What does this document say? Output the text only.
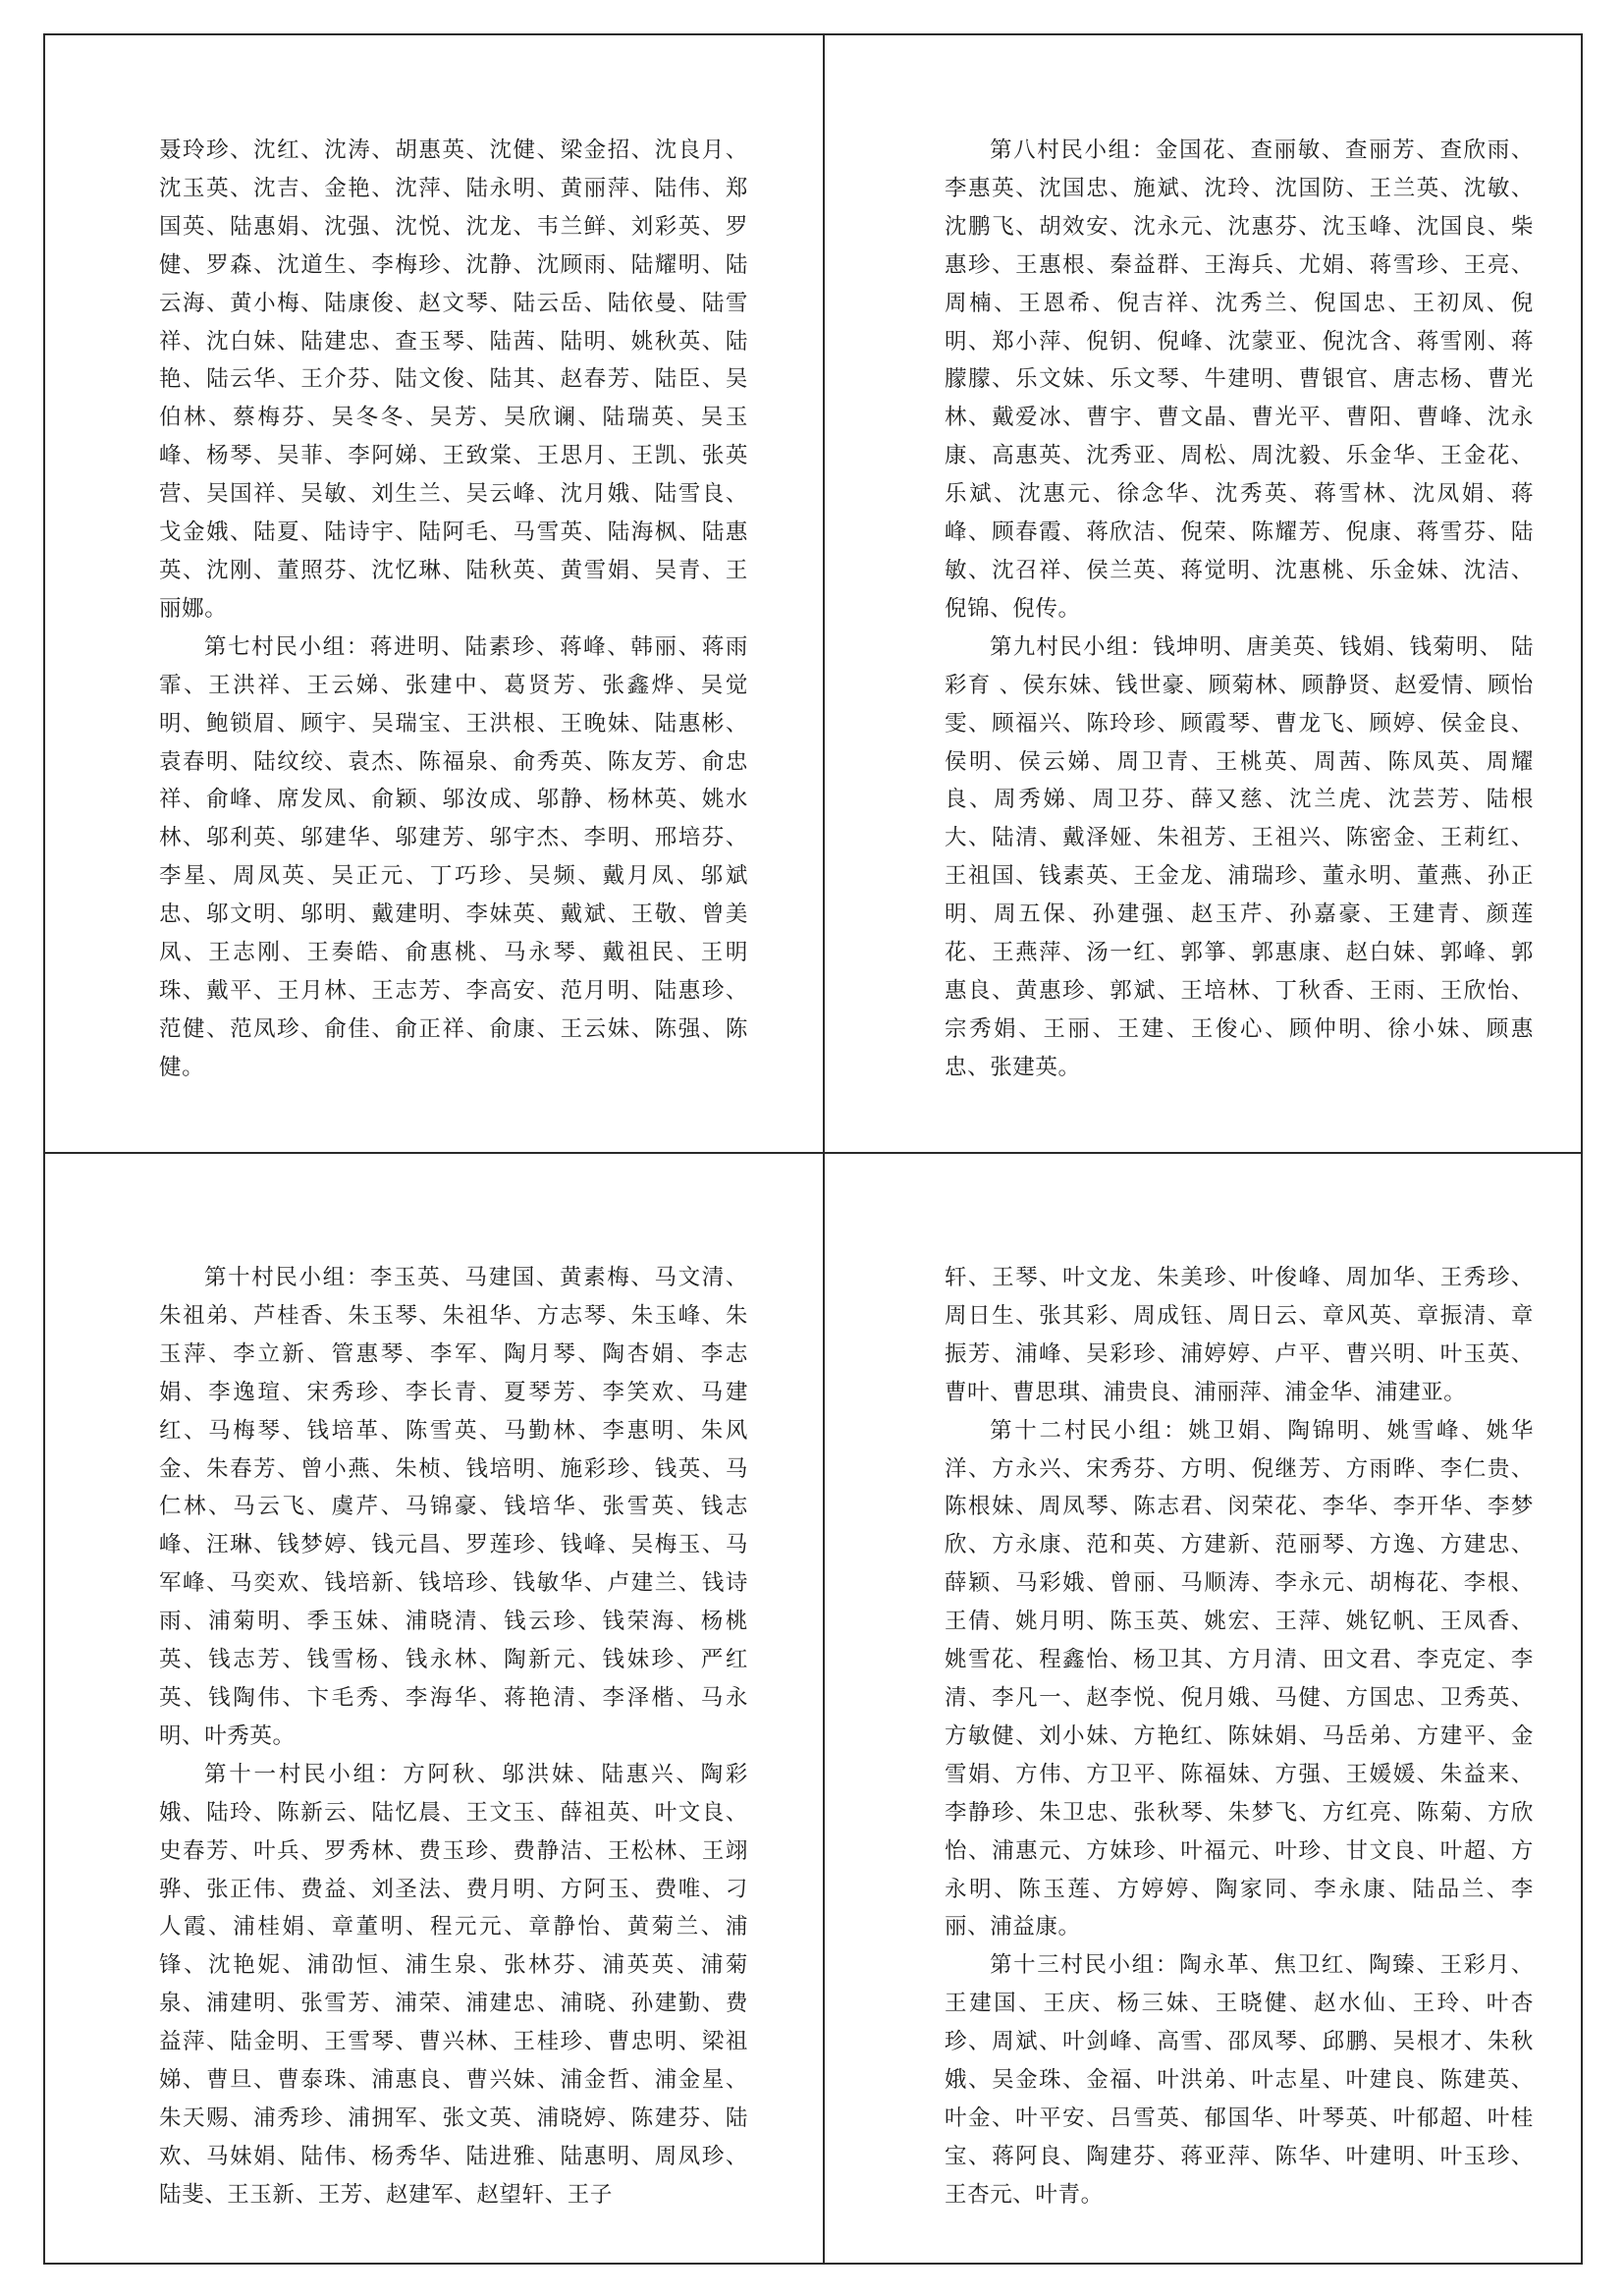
聂玲珍、沈红、沈涛、胡惠英、沈健、梁金招、沈良月、沈玉英、沈吉、金艳、沈萍、陆永明、黄丽萍、陆伟、郑国英、陆惠娟、沈强、沈悦、沈龙、韦兰鲜、刘彩英、罗健、罗森、沈道生、李梅珍、沈静、沈顾雨、陆耀明、陆云海、黄小梅、陆康俊、赵文琴、陆云岳、陆依曼、陆雪祥、沈白妹、陆建忠、查玉琴、陆茜、陆明、姚秋英、陆艳、陆云华、王介芬、陆文俊、陆其、赵春芳、陆臣、吴伯林、蔡梅芬、吴冬冬、吴芳、吴欣谰、陆瑞英、吴玉峰、杨琴、吴菲、李阿娣、王致棠、王思月、王凯、张英营、吴国祥、吴敏、刘生兰、吴云峰、沈月娥、陆雪良、戈金娥、陆夏、陆诗宇、陆阿毛、马雪英、陆海枫、陆惠英、沈刚、董照芬、沈忆琳、陆秋英、黄雪娟、吴青、王丽娜。

第七村民小组：蒋进明、陆素珍、蒋峰、韩丽、蒋雨霏、王洪祥、王云娣、张建中、葛贤芳、张鑫烨、吴觉明、鲍锁眉、顾宇、吴瑞宝、王洪根、王晚妹、陆惠彬、袁春明、陆纹绞、袁杰、陈福泉、俞秀英、陈友芳、俞忠祥、俞峰、席发凤、俞颖、邬汝成、邬静、杨林英、姚水林、邬利英、邬建华、邬建芳、邬宇杰、李明、邢培芬、李星、周凤英、吴正元、丁巧珍、吴频、戴月凤、邬斌忠、邬文明、邬明、戴建明、李妹英、戴斌、王敬、曾美凤、王志刚、王奏皓、俞惠桃、马永琴、戴祖民、王明珠、戴平、王月林、王志芳、李高安、范月明、陆惠珍、范健、范凤珍、俞佳、俞正祥、俞康、王云妹、陈强、陈健。

第八村民小组：金国花、查丽敏、查丽芳、查欣雨、李惠英、沈国忠、施斌、沈玲、沈国防、王兰英、沈敏、沈鹏飞、胡效安、沈永元、沈惠芬、沈玉峰、沈国良、柴惠珍、王惠根、秦益群、王海兵、尤娟、蒋雪珍、王亮、周楠、王恩希、倪吉祥、沈秀兰、倪国忠、王初凤、倪明、郑小萍、倪钥、倪峰、沈蒙亚、倪沈含、蒋雪刚、蒋朦朦、乐文妹、乐文琴、牛建明、曹银官、唐志杨、曹光林、戴爱冰、曹宇、曹文晶、曹光平、曹阳、曹峰、沈永康、高惠英、沈秀亚、周松、周沈毅、乐金华、王金花、乐斌、沈惠元、徐念华、沈秀英、蒋雪林、沈凤娟、蒋峰、顾春霞、蒋欣洁、倪荣、陈耀芳、倪康、蒋雪芬、陆敏、沈召祥、侯兰英、蒋觉明、沈惠桃、乐金妹、沈洁、倪锦、倪传。

第九村民小组：钱坤明、唐美英、钱娟、钱菊明、 陆彩育 、侯东妹、钱世豪、顾菊林、顾静贤、赵爱情、顾怡雯、顾福兴、陈玲珍、顾霞琴、曹龙飞、顾婷、侯金良、侯明、侯云娣、周卫青、王桃英、周茜、陈凤英、周耀良、周秀娣、周卫芬、薛又慈、沈兰虎、沈芸芳、陆根大、陆清、戴泽娅、朱祖芳、王祖兴、陈密金、王莉红、王祖国、钱素英、王金龙、浦瑞珍、董永明、董燕、孙正明、周五保、孙建强、赵玉芹、孙嘉豪、王建青、颜莲花、王燕萍、汤一红、郭箏、郭惠康、赵白妹、郭峰、郭惠良、黄惠珍、郭斌、王培林、丁秋香、王雨、王欣怡、宗秀娟、王丽、王建、王俊心、顾仲明、徐小妹、顾惠忠、张建英。

第十村民小组：李玉英、马建国、黄素梅、马文清、朱祖弟、芦桂香、朱玉琴、朱祖华、方志琴、朱玉峰、朱玉萍、李立新、管惠琴、李军、陶月琴、陶杏娟、李志娟、李逸瑄、宋秀珍、李长青、夏琴芳、李笑欢、马建红、马梅琴、钱培革、陈雪英、马勤林、李惠明、朱风金、朱春芳、曾小燕、朱桢、钱培明、施彩珍、钱英、马仁林、马云飞、虞芹、马锦豪、钱培华、张雪英、钱志峰、汪琳、钱梦婷、钱元昌、罗莲珍、钱峰、吴梅玉、马军峰、马奕欢、钱培新、钱培珍、钱敏华、卢建兰、钱诗雨、浦菊明、季玉妹、浦晓清、钱云珍、钱荣海、杨桃英、钱志芳、钱雪杨、钱永林、陶新元、钱妹珍、严红英、钱陶伟、卞毛秀、李海华、蒋艳清、李泽楷、马永明、叶秀英。

第十一村民小组：方阿秋、邬洪妹、陆惠兴、陶彩娥、陆玲、陈新云、陆忆晨、王文玉、薛祖英、叶文良、史春芳、叶兵、罗秀林、费玉珍、费静洁、王松林、王翊骅、张正伟、费益、刘圣法、费月明、方阿玉、费唯、刁人霞、浦桂娟、章董明、程元元、章静怡、黄菊兰、浦锋、沈艳妮、浦劭恒、浦生泉、张林芬、浦英英、浦菊泉、浦建明、张雪芳、浦荣、浦建忠、浦晓、孙建勤、费益萍、陆金明、王雪琴、曹兴林、王桂珍、曹忠明、梁祖娣、曹旦、曹泰珠、浦惠良、曹兴妹、浦金哲、浦金星、朱天赐、浦秀珍、浦拥军、张文英、浦晓婷、陈建芬、陆欢、马妹娟、陆伟、杨秀华、陆进雅、陆惠明、周凤珍、陆斐、王玉新、王芳、赵建军、赵望轩、王子

轩、王琴、叶文龙、朱美珍、叶俊峰、周加华、王秀珍、周日生、张其彩、周成钰、周日云、章风英、章振清、章振芳、浦峰、吴彩珍、浦婷婷、卢平、曹兴明、叶玉英、曹叶、曹思琪、浦贵良、浦丽萍、浦金华、浦建亚。

第十二村民小组：姚卫娟、陶锦明、姚雪峰、姚华洋、方永兴、宋秀芬、方明、倪继芳、方雨晔、李仁贵、陈根妹、周凤琴、陈志君、闵荣花、李华、李开华、李梦欣、方永康、范和英、方建新、范丽琴、方逸、方建忠、薛颖、马彩娥、曾丽、马顺涛、李永元、胡梅花、李根、王倩、姚月明、陈玉英、姚宏、王萍、姚钇帆、王凤香、姚雪花、程鑫怡、杨卫其、方月清、田文君、李克定、李清、李凡一、赵李悦、倪月娥、马健、方国忠、卫秀英、方敏健、刘小妹、方艳红、陈妹娟、马岳弟、方建平、金雪娟、方伟、方卫平、陈福妹、方强、王媛媛、朱益来、李静珍、朱卫忠、张秋琴、朱梦飞、方红亮、陈菊、方欣怡、浦惠元、方妹珍、叶福元、叶珍、甘文良、叶超、方永明、陈玉莲、方婷婷、陶家同、李永康、陆品兰、李丽、浦益康。

第十三村民小组：陶永革、焦卫红、陶臻、王彩月、王建国、王庆、杨三妹、王晓健、赵水仙、王玲、叶杏珍、周斌、叶剑峰、高雪、邵凤琴、邱鹏、吴根才、朱秋娥、吴金珠、金福、叶洪弟、叶志星、叶建良、陈建英、叶金、叶平安、吕雪英、郁国华、叶琴英、叶郁超、叶桂宝、蒋阿良、陶建芬、蒋亚萍、陈华、叶建明、叶玉珍、王杏元、叶青。
